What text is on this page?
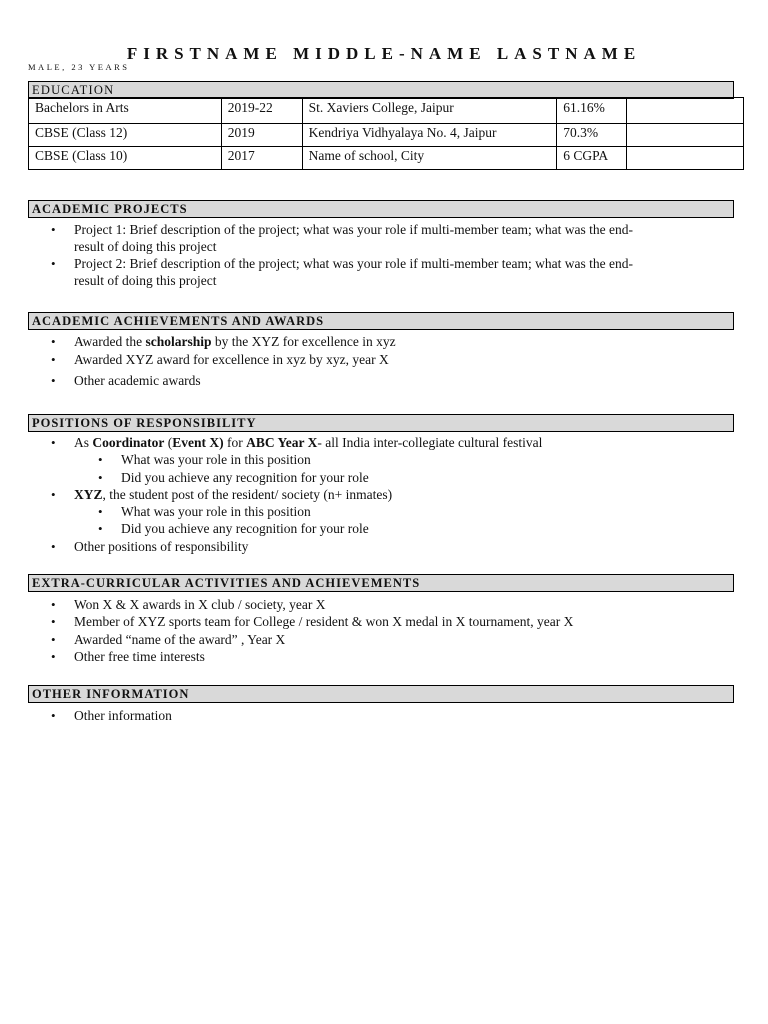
FIRSTNAME MIDDLE-NAME LASTNAME
MALE, 23 YEARS
EDUCATION
Bachelors in Arts	2019-22	St. Xaviers College, Jaipur	61.16%	
CBSE (Class 12)	2019	Kendriya Vidhyalaya No. 4, Jaipur	70.3%	
CBSE (Class 10)	2017	Name of school, City	6 CGPA	
ACADEMIC PROJECTS
• Project 1: Brief description of the project; what was your role if multi-member team; what was the end-
result of doing this project
• Project 2: Brief description of the project; what was your role if multi-member team; what was the end-
result of doing this project
ACADEMIC ACHIEVEMENTS AND AWARDS
• Awarded the scholarship by the XYZ for excellence in xyz
• Awarded XYZ award for excellence in xyz by xyz, year X
• Other academic awards
POSITIONS OF RESPONSIBILITY
• As Coordinator (Event X) for ABC Year X- all India inter-collegiate cultural festival
• What was your role in this position
• Did you achieve any recognition for your role
• XYZ, the student post of the resident/ society (n+ inmates)
• What was your role in this position
• Did you achieve any recognition for your role
• Other positions of responsibility
EXTRA-CURRICULAR ACTIVITIES AND ACHIEVEMENTS
• Won X & X awards in X club / society, year X
• Member of XYZ sports team for College / resident & won X medal in X tournament, year X
• Awarded “name of the award” , Year X
• Other free time interests
OTHER INFORMATION
• Other information
